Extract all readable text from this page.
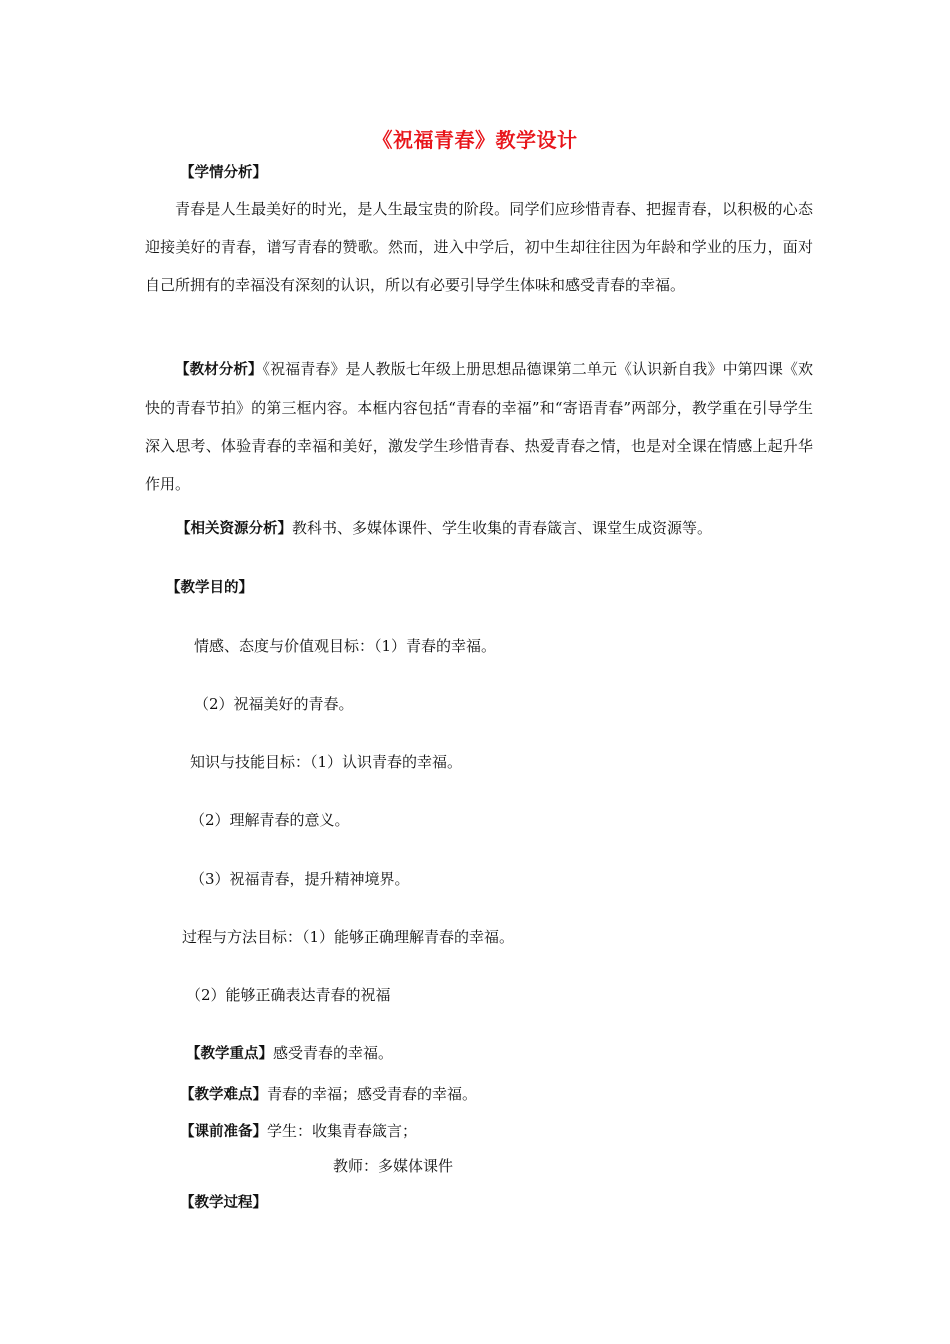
《祝福青春》教学设计
【学情分析】
青春是人生最美好的时光，是人生最宝贵的阶段。同学们应珍惜青春、把握青春，以积极的心态迎接美好的青春，谱写青春的赞歌。然而，进入中学后，初中生却往往因为年龄和学业的压力，面对自己所拥有的幸福没有深刻的认识，所以有必要引导学生体味和感受青春的幸福。
【教材分析】《祝福青春》是人教版七年级上册思想品德课第二单元《认识新自我》中第四课《欢快的青春节拍》的第三框内容。本框内容包括“青春的幸福”和“寄语青春”两部分，教学重在引导学生深入思考、体验青春的幸福和美好，激发学生珍惜青春、热爱青春之情，也是对全课在情感上起升华作用。
【相关资源分析】教科书、多媒体课件、学生收集的青春箴言、课堂生成资源等。
【教学目的】
情感、态度与价值观目标：（1）青春的幸福。
（2）祝福美好的青春。
知识与技能目标：（1）认识青春的幸福。
（2）理解青春的意义。
（3）祝福青春，提升精神境界。
过程与方法目标：（1）能够正确理解青春的幸福。
（2）能够正确表达青春的祝福
【教学重点】感受青春的幸福。
【教学难点】青春的幸福；感受青春的幸福。
【课前准备】学生：收集青春箴言；
教师：多媒体课件
【教学过程】
